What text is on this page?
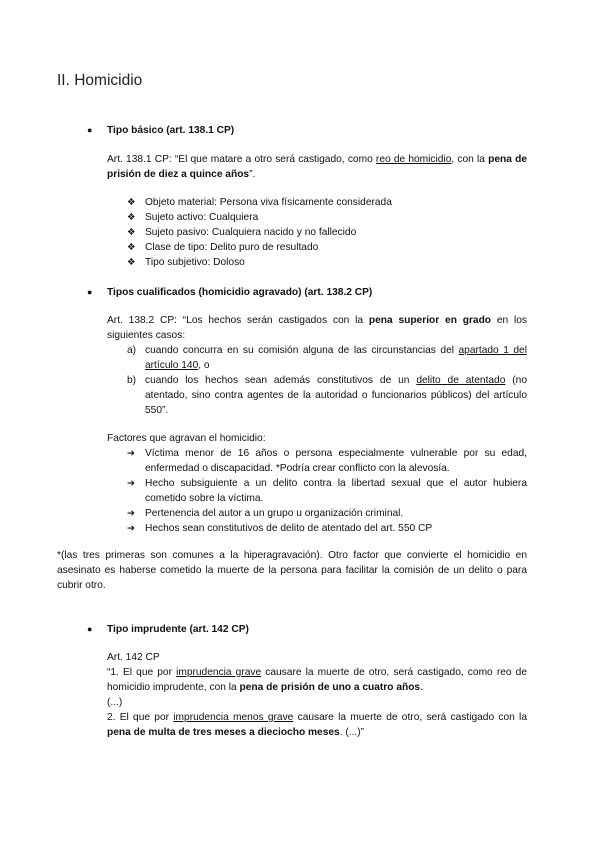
II. Homicidio
● Tipo básico (art. 138.1 CP)
Art. 138.1 CP: “El que matare a otro será castigado, como reo de homicidio, con la pena de prisión de diez a quince años”.
❖ Objeto material: Persona viva físicamente considerada
❖ Sujeto activo: Cualquiera
❖ Sujeto pasivo: Cualquiera nacido y no fallecido
❖ Clase de tipo: Delito puro de resultado
❖ Tipo subjetivo: Doloso
● Tipos cualificados (homicidio agravado) (art. 138.2 CP)
Art. 138.2 CP: “Los hechos serán castigados con la pena superior en grado en los siguientes casos:
a) cuando concurra en su comisión alguna de las circunstancias del apartado 1 del artículo 140, o
b) cuando los hechos sean además constitutivos de un delito de atentado (no atentado, sino contra agentes de la autoridad o funcionarios públicos) del artículo 550”.
Factores que agravan el homicidio:
➔ Víctima menor de 16 años o persona especialmente vulnerable por su edad, enfermedad o discapacidad. *Podría crear conflicto con la alevosía.
➔ Hecho subsiguiente a un delito contra la libertad sexual que el autor hubiera cometido sobre la víctima.
➔ Pertenencia del autor a un grupo u organización criminal.
➔ Hechos sean constitutivos de delito de atentado del art. 550 CP
*(las tres primeras son comunes a la hiperagravación). Otro factor que convierte el homicidio en asesinato es haberse cometido la muerte de la persona para facilitar la comisión de un delito o para cubrir otro.
● Tipo imprudente (art. 142 CP)
Art. 142 CP
“1. El que por imprudencia grave causare la muerte de otro, será castigado, como reo de homicidio imprudente, con la pena de prisión de uno a cuatro años.
(...)
2. El que por imprudencia menos grave causare la muerte de otro, será castigado con la pena de multa de tres meses a dieciocho meses. (...)”
